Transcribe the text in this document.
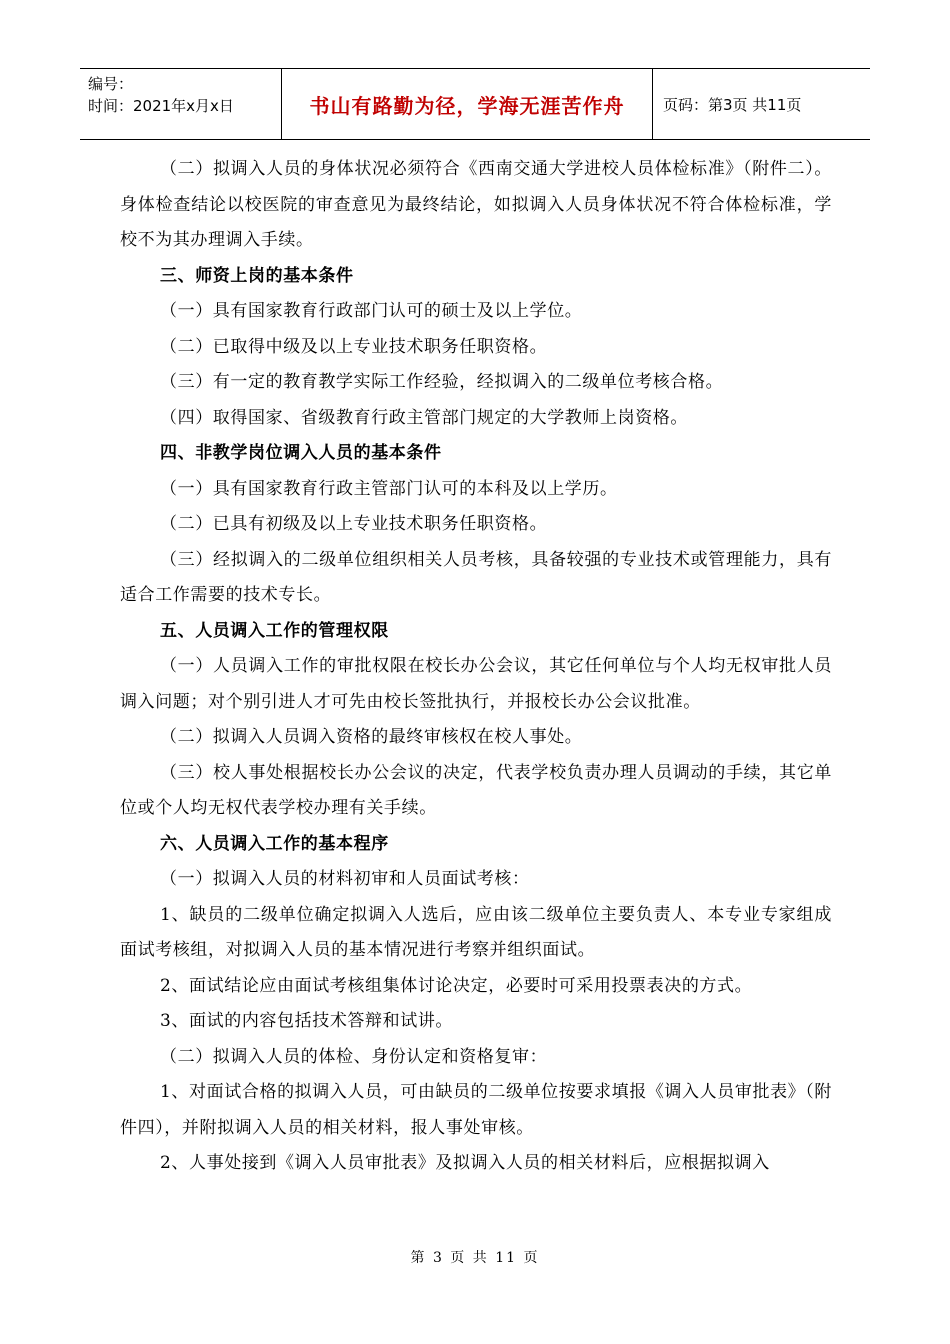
编号：
时间：2021年x月x日	书山有路勤为径，学海无涯苦作舟	页码：第3页 共11页

（二）拟调入人员的身体状况必须符合《西南交通大学进校人员体检标准》（附件二）。身体检查结论以校医院的审查意见为最终结论，如拟调入人员身体状况不符合体检标准，学校不为其办理调入手续。

三、师资上岗的基本条件

（一）具有国家教育行政部门认可的硕士及以上学位。

（二）已取得中级及以上专业技术职务任职资格。

（三）有一定的教育教学实际工作经验，经拟调入的二级单位考核合格。

（四）取得国家、省级教育行政主管部门规定的大学教师上岗资格。

四、非教学岗位调入人员的基本条件

（一）具有国家教育行政主管部门认可的本科及以上学历。

（二）已具有初级及以上专业技术职务任职资格。

（三）经拟调入的二级单位组织相关人员考核，具备较强的专业技术或管理能力，具有适合工作需要的技术专长。

五、人员调入工作的管理权限

（一）人员调入工作的审批权限在校长办公会议，其它任何单位与个人均无权审批人员调入问题；对个别引进人才可先由校长签批执行，并报校长办公会议批准。

（二）拟调入人员调入资格的最终审核权在校人事处。

（三）校人事处根据校长办公会议的决定，代表学校负责办理人员调动的手续，其它单位或个人均无权代表学校办理有关手续。

六、人员调入工作的基本程序

（一）拟调入人员的材料初审和人员面试考核：

1、缺员的二级单位确定拟调入人选后，应由该二级单位主要负责人、本专业专家组成面试考核组，对拟调入人员的基本情况进行考察并组织面试。

2、面试结论应由面试考核组集体讨论决定，必要时可采用投票表决的方式。

3、面试的内容包括技术答辩和试讲。

（二）拟调入人员的体检、身份认定和资格复审：

1、对面试合格的拟调入人员，可由缺员的二级单位按要求填报《调入人员审批表》（附件四），并附拟调入人员的相关材料，报人事处审核。

2、人事处接到《调入人员审批表》及拟调入人员的相关材料后，应根据拟调入

第 3 页 共 11 页
